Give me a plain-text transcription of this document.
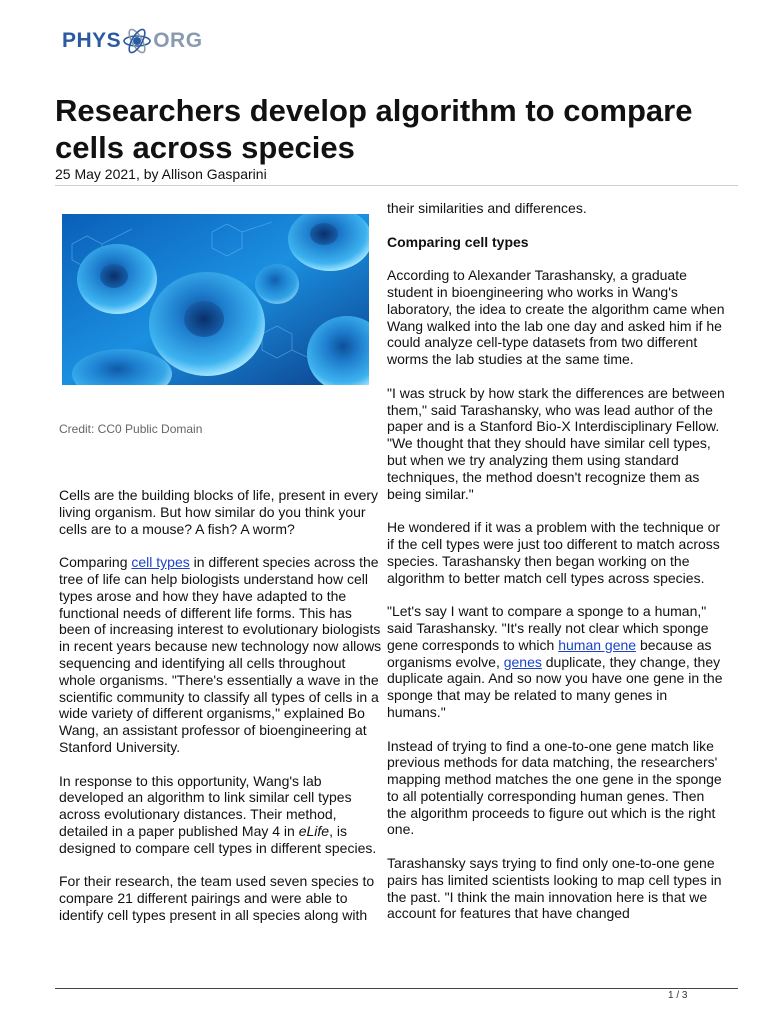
PHYS ORG
Researchers develop algorithm to compare cells across species
25 May 2021, by Allison Gasparini
Credit: CC0 Public Domain

Cells are the building blocks of life, present in every living organism. But how similar do you think your cells are to a mouse? A fish? A worm?

Comparing cell types in different species across the tree of life can help biologists understand how cell types arose and how they have adapted to the functional needs of different life forms. This has been of increasing interest to evolutionary biologists in recent years because new technology now allows sequencing and identifying all cells throughout whole organisms. "There's essentially a wave in the scientific community to classify all types of cells in a wide variety of different organisms," explained Bo Wang, an assistant professor of bioengineering at Stanford University.

In response to this opportunity, Wang's lab developed an algorithm to link similar cell types across evolutionary distances. Their method, detailed in a paper published May 4 in eLife, is designed to compare cell types in different species.

For their research, the team used seven species to compare 21 different pairings and were able to identify cell types present in all species along with

their similarities and differences.

Comparing cell types

According to Alexander Tarashansky, a graduate student in bioengineering who works in Wang's laboratory, the idea to create the algorithm came when Wang walked into the lab one day and asked him if he could analyze cell-type datasets from two different worms the lab studies at the same time.

"I was struck by how stark the differences are between them," said Tarashansky, who was lead author of the paper and is a Stanford Bio-X Interdisciplinary Fellow. "We thought that they should have similar cell types, but when we try analyzing them using standard techniques, the method doesn't recognize them as being similar."

He wondered if it was a problem with the technique or if the cell types were just too different to match across species. Tarashansky then began working on the algorithm to better match cell types across species.

"Let's say I want to compare a sponge to a human," said Tarashansky. "It's really not clear which sponge gene corresponds to which human gene because as organisms evolve, genes duplicate, they change, they duplicate again. And so now you have one gene in the sponge that may be related to many genes in humans."

Instead of trying to find a one-to-one gene match like previous methods for data matching, the researchers' mapping method matches the one gene in the sponge to all potentially corresponding human genes. Then the algorithm proceeds to figure out which is the right one.

Tarashansky says trying to find only one-to-one gene pairs has limited scientists looking to map cell types in the past. "I think the main innovation here is that we account for features that have changed

1 / 3
